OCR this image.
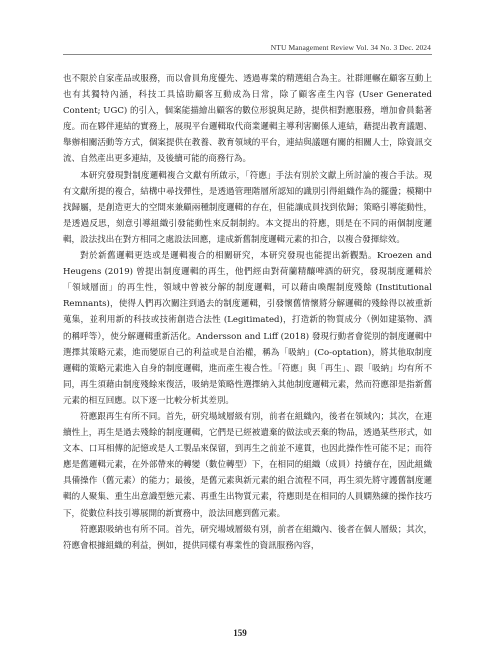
NTU Management Review Vol. 34 No. 3 Dec. 2024

也不限於自家產品或服務，而以會員角度優先、透過專業的精選組合為主。社群運輾在顧客互動上也有其獨特內涵，科技工具協助顧客互動成為日常，除了顧客產生內容 (User Generated Content; UGC) 的引入，個案能描繪出顧客的數位形貌與足跡，提供相對應服務，增加會員黏著度。而在夥伴連結的實務上，展現平台邏輯取代商業邏輯主導利害關係人連結，藉提出教育議題、舉辦相關活動等方式，個案提供在教養、教育領域的平台，連結與議題有關的相關人士，除資訊交流、自然產出更多連結，及後續可能的商務行為。

本研究發現對制度邏輯複合文獻有所啟示，「符應」手法有別於文獻上所討論的複合手法。現有文獻所提的複合，結構中尋找彈性，是透過管理階層所認知的識別引得組織作為的擺盪；模糊中找歸屬，是創造更大的空間來兼顧兩種制度邏輯的存在，但能讓成員找到依歸；策略引導能動性，是透過反思，刻意引導組織引發能動性來反制制約。本文提出的符應，則是在不同的兩個制度邏輯，設法找出在對方相同之處設法回應，達成新舊制度邏輯元素的扣合，以複合發揮綜效。

對於新舊邏輯更迭或是邏輯複合的相關研究，本研究發現也能提出新觀點。Kroezen and Heugens (2019) 曾提出制度邏輯的再生，他們經由對荷蘭精釀啤酒的研究，發現制度邏輯於「領域層面」的再生性，領域中曾被分解的制度邏輯，可以藉由喚醒制度殘餘 (Institutional Remnants)，使得人們再次關注到過去的制度邏輯，引發懷舊情懷將分解邏輯的殘餘得以被重新蒐集，並利用新的科技或技術創造合法性 (Legitimated)，打造新的物質成分（例如建築物、酒的稱呼等），使分解邏輯重新活化。Andersson and Liff (2018) 發現行動者會從別的制度邏輯中選擇其策略元素，進而變原自己的利益或是自治權，稱為「吸納」(Co-optation)，將其他取制度邏輯的策略元素進入自身的制度邏輯，進而產生複合性。「符應」與「再生」、跟「吸納」均有所不同，再生須藉由制度殘餘來復活，吸納是策略性選擇納入其他制度邏輯元素，然而符應卻是指新舊元素的相互回應。以下逐一比較分析其差別。

符應跟再生有所不同。首先，研究場域層級有別，前者在組織內，後者在領域內；其次，在連續性上，再生是過去殘餘的制度邏輯，它們是已經被遺棄的做法或丟棄的物品，透過某些形式，如文本、口耳相傳的記憶或是人工製品來保留，到再生之前並不連貫，也因此操作性可能不足；而符應是舊邏輯元素，在外部帶來的轉變（數位轉型）下，在相同的組織（成員）持續存在，因此組織具備操作（舊元素）的能力；最後，是舊元素與新元素的組合流程不同，再生須先將守護舊制度邏輯的人聚集、重生出意識型態元素、再重生出物質元素，符應則是在相同的人員嫻熟練的操作技巧下，從數位科技引導展開的新實務中，設法回應到舊元素。

符應跟吸納也有所不同。首先，研究場域層級有別，前者在組織內、後者在個人層級；其次，符應會根據組織的利益，例如，提供同樣有專業性的資訊服務內容，

159
